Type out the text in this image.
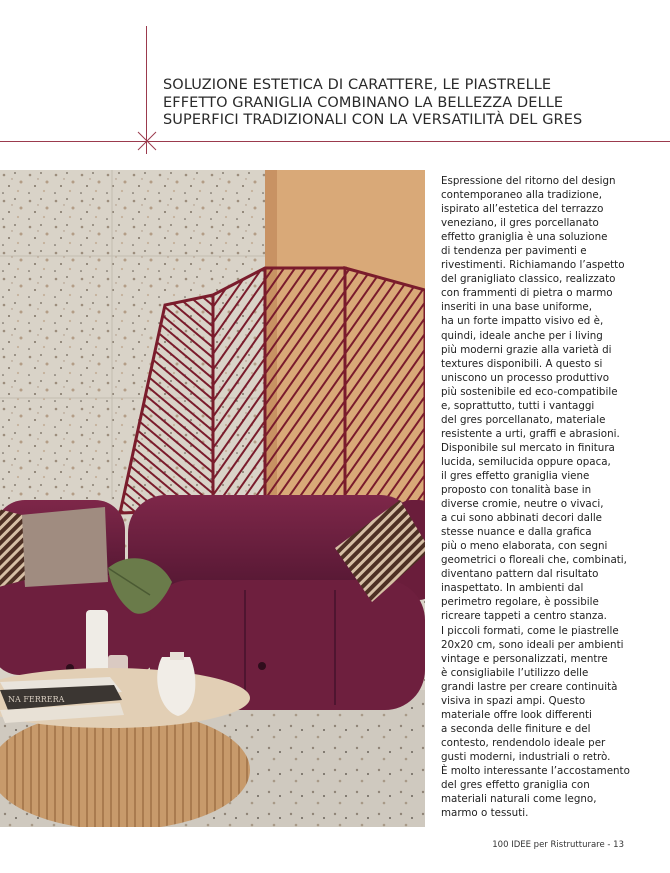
SOLUZIONE ESTETICA DI CARATTERE, LE PIASTRELLE
EFFETTO GRANIGLIA COMBINANO LA BELLEZZA DELLE
SUPERFICI TRADIZIONALI CON LA VERSATILITÀ DEL GRES
NA FERRERA

Espressione del ritorno del design
contemporaneo alla tradizione,
ispirato all’estetica del terrazzo
veneziano, il gres porcellanato
effetto graniglia è una soluzione
di tendenza per pavimenti e
rivestimenti. Richiamando l’aspetto
del granigliato classico, realizzato
con frammenti di pietra o marmo
inseriti in una base uniforme,
ha un forte impatto visivo ed è,
quindi, ideale anche per i living
più moderni grazie alla varietà di
textures disponibili. A questo si
uniscono un processo produttivo
più sostenibile ed eco-compatibile
e, soprattutto, tutti i vantaggi
del gres porcellanato, materiale
resistente a urti, graffi e abrasioni.
Disponibile sul mercato in finitura
lucida, semilucida oppure opaca,
il gres effetto graniglia viene
proposto con tonalità base in
diverse cromie, neutre o vivaci,
a cui sono abbinati decori dalle
stesse nuance e dalla grafica
più o meno elaborata, con segni
geometrici o floreali che, combinati,
diventano pattern dal risultato
inaspettato. In ambienti dal
perimetro regolare, è possibile
ricreare tappeti a centro stanza.
I piccoli formati, come le piastrelle
20x20 cm, sono ideali per ambienti
vintage e personalizzati, mentre
è consigliabile l’utilizzo delle
grandi lastre per creare continuità
visiva in spazi ampi. Questo
materiale offre look differenti
a seconda delle finiture e del
contesto, rendendolo ideale per
gusti moderni, industriali o retrò.
È molto interessante l’accostamento
del gres effetto graniglia con
materiali naturali come legno,
marmo o tessuti.

100 IDEE per Ristrutturare - 13
